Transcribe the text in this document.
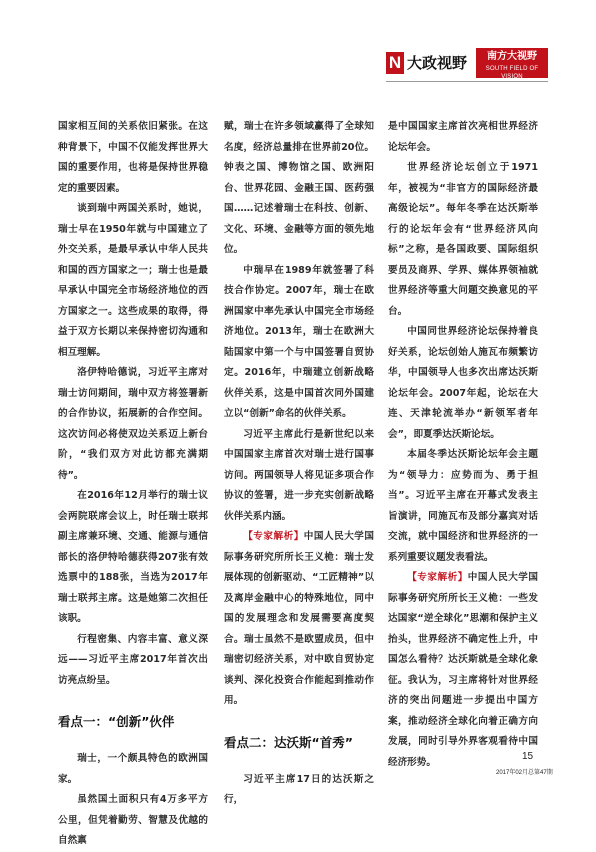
N 大政视野	南方大视野
SOUTH FIELD OF VISION

国家相互间的关系依旧紧张。在这种背景下，中国不仅能发挥世界大国的重要作用，也将是保持世界稳定的重要因素。

谈到瑞中两国关系时，她说，瑞士早在1950年就与中国建立了外交关系，是最早承认中华人民共和国的西方国家之一；瑞士也是最早承认中国完全市场经济地位的西方国家之一。这些成果的取得，得益于双方长期以来保持密切沟通和相互理解。

洛伊特哈德说，习近平主席对瑞士访问期间，瑞中双方将签署新的合作协议，拓展新的合作空间。这次访问必将使双边关系迈上新台阶，“我们双方对此访都充满期待”。

在2016年12月举行的瑞士议会两院联席会议上，时任瑞士联邦副主席兼环境、交通、能源与通信部长的洛伊特哈德获得207张有效选票中的188张，当选为2017年瑞士联邦主席。这是她第二次担任该职。

行程密集、内容丰富、意义深远——习近平主席2017年首次出访亮点纷呈。

看点一：“创新”伙伴

瑞士，一个颇具特色的欧洲国家。

虽然国土面积只有4万多平方公里，但凭着勤劳、智慧及优越的自然禀

赋，瑞士在许多领域赢得了全球知名度，经济总量排在世界前20位。钟表之国、博物馆之国、欧洲阳台、世界花园、金融王国、医药强国……记述着瑞士在科技、创新、文化、环境、金融等方面的领先地位。

中瑞早在1989年就签署了科技合作协定。2007年，瑞士在欧洲国家中率先承认中国完全市场经济地位。2013年，瑞士在欧洲大陆国家中第一个与中国签署自贸协定。2016年，中瑞建立创新战略伙伴关系，这是中国首次同外国建立以“创新”命名的伙伴关系。

习近平主席此行是新世纪以来中国国家主席首次对瑞士进行国事访问。两国领导人将见证多项合作协议的签署，进一步充实创新战略伙伴关系内涵。

【专家解析】中国人民大学国际事务研究所所长王义桅：瑞士发展体现的创新驱动、“工匠精神”以及离岸金融中心的特殊地位，同中国的发展理念和发展需要高度契合。瑞士虽然不是欧盟成员，但中瑞密切经济关系，对中欧自贸协定谈判、深化投资合作能起到推动作用。

看点二：达沃斯“首秀”

习近平主席17日的达沃斯之行，

是中国国家主席首次亮相世界经济论坛年会。

世界经济论坛创立于1971年，被视为“非官方的国际经济最高级论坛”。每年冬季在达沃斯举行的论坛年会有“世界经济风向标”之称，是各国政要、国际组织要员及商界、学界、媒体界领袖就世界经济等重大问题交换意见的平台。

中国同世界经济论坛保持着良好关系，论坛创始人施瓦布频繁访华，中国领导人也多次出席达沃斯论坛年会。2007年起，论坛在大连、天津轮流举办“新领军者年会”，即夏季达沃斯论坛。

本届冬季达沃斯论坛年会主题为“领导力：应势而为、勇于担当”。习近平主席在开幕式发表主旨演讲，同施瓦布及部分嘉宾对话交流，就中国经济和世界经济的一系列重要议题发表看法。

【专家解析】中国人民大学国际事务研究所所长王义桅：一些发达国家“逆全球化”思潮和保护主义抬头，世界经济不确定性上升，中国怎么看待？达沃斯就是全球化象征。我认为，习主席将针对世界经济的突出问题进一步提出中国方案，推动经济全球化向着正确方向发展，同时引导外界客观看待中国经济形势。	15
2017年02月总第47期
